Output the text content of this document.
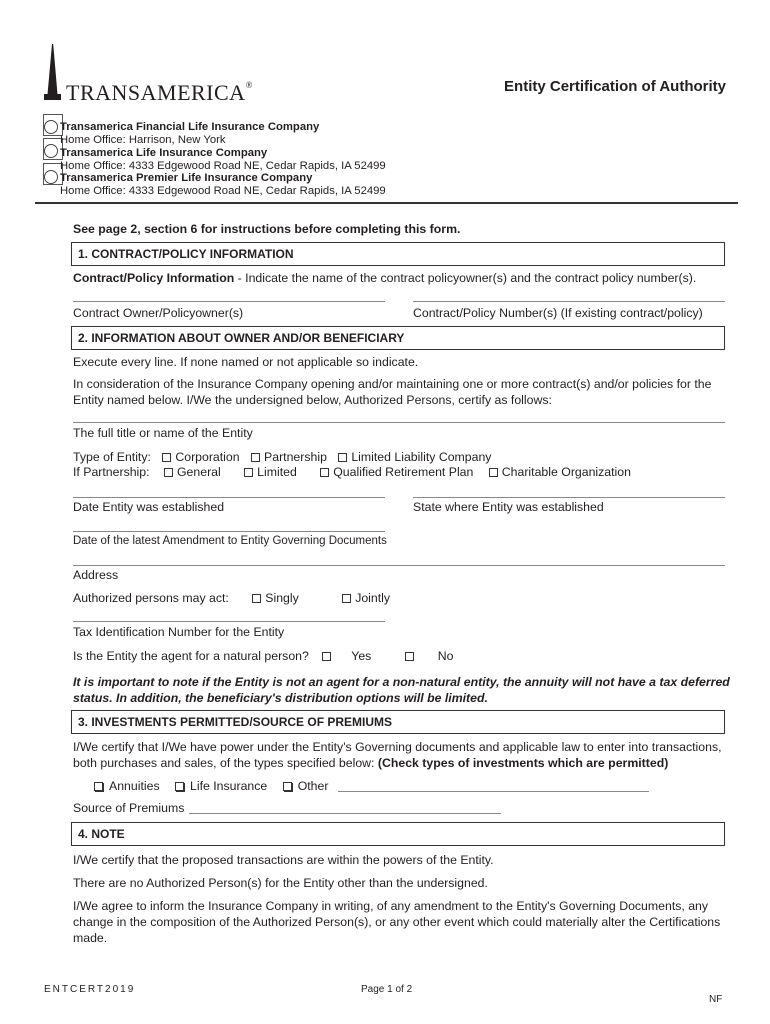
TRANSAMERICA®	Entity Certification of Authority
Transamerica Financial Life Insurance Company
Home Office: Harrison, New York
Transamerica Life Insurance Company
Home Office: 4333 Edgewood Road NE, Cedar Rapids, IA 52499
Transamerica Premier Life Insurance Company
Home Office: 4333 Edgewood Road NE, Cedar Rapids, IA 52499
See page 2, section 6 for instructions before completing this form.
1. CONTRACT/POLICY INFORMATION
Contract/Policy Information - Indicate the name of the contract policyowner(s) and the contract policy number(s).
Contract Owner/Policyowner(s)	Contract/Policy Number(s) (If existing contract/policy)
2. INFORMATION ABOUT OWNER AND/OR BENEFICIARY
Execute every line. If none named or not applicable so indicate.
In consideration of the Insurance Company opening and/or maintaining one or more contract(s) and/or policies for the Entity named below. I/We the undersigned below, Authorized Persons, certify as follows:
The full title or name of the Entity
Type of Entity: Corporation Partnership Limited Liability Company
If Partnership: General	Limited	Qualified Retirement Plan Charitable Organization
Date Entity was established	State where Entity was established
Date of the latest Amendment to Entity Governing Documents
Address
Authorized persons may act:	Singly	Jointly
Tax Identification Number for the Entity
Is the Entity the agent for a natural person?	Yes	No
It is important to note if the Entity is not an agent for a non-natural entity, the annuity will not have a tax deferred status. In addition, the beneficiary's distribution options will be limited.
3. INVESTMENTS PERMITTED/SOURCE OF PREMIUMS
I/We certify that I/We have power under the Entity's Governing documents and applicable law to enter into transactions, both purchases and sales, of the types specified below: (Check types of investments which are permitted)
Annuities Life Insurance Other
Source of Premiums
4. NOTE
I/We certify that the proposed transactions are within the powers of the Entity.
There are no Authorized Person(s) for the Entity other than the undersigned.
I/We agree to inform the Insurance Company in writing, of any amendment to the Entity's Governing Documents, any change in the composition of the Authorized Person(s), or any other event which could materially alter the Certifications made.
ENTCERT2019	Page 1 of 2
NF
